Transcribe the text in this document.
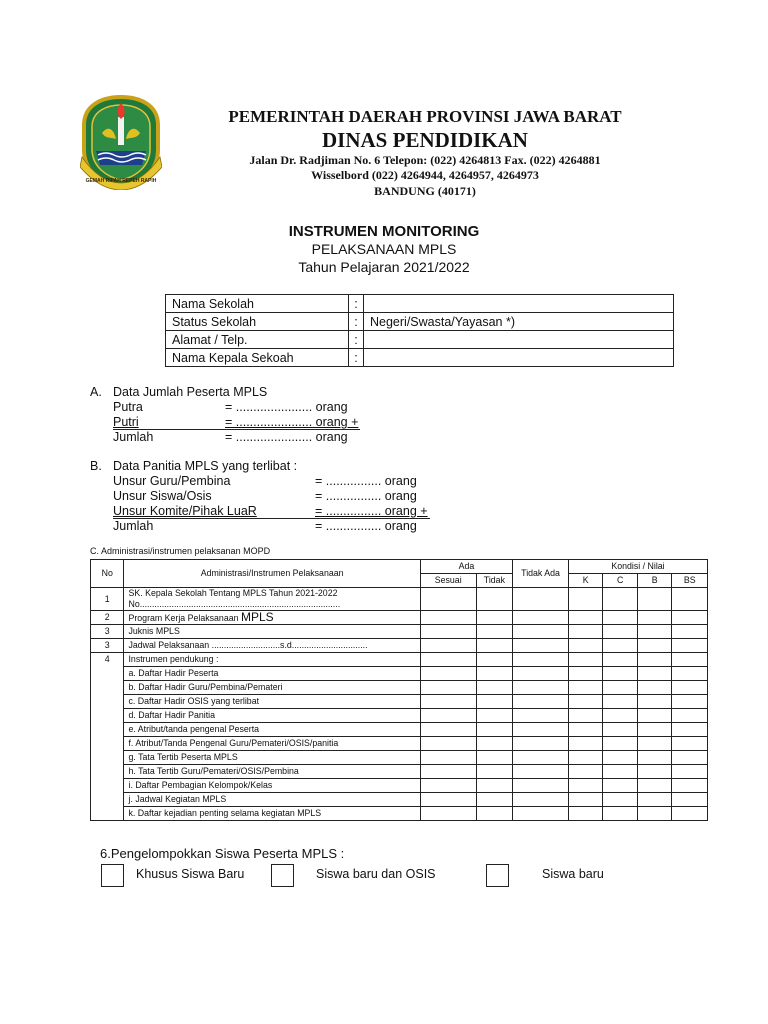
GEMAH RIPAH REPEH RAPIH
PEMERINTAH DAERAH PROVINSI JAWA BARAT
DINAS PENDIDIKAN
Jalan Dr. Radjiman No. 6 Telepon: (022) 4264813 Fax. (022) 4264881
Wisselbord (022) 4264944, 4264957, 4264973
BANDUNG (40171)
INSTRUMEN MONITORING
PELAKSANAAN MPLS
Tahun Pelajaran 2021/2022
Nama Sekolah	:	
Status Sekolah	:	Negeri/Swasta/Yayasan *)
Alamat / Telp.	:	
Nama Kepala Sekoah	:	
A. Data Jumlah Peserta MPLS
Putra	= ...................... orang
Putri	= ...................... orang +
Jumlah	= ...................... orang
B. Data Panitia MPLS yang terlibat :
Unsur Guru/Pembina	= ................ orang
Unsur Siswa/Osis	= ................ orang
Unsur Komite/Pihak LuaR	= ................ orang +
Jumlah	= ................ orang
C. Administrasi/instrumen pelaksanan MOPD
No	Administrasi/Instrumen Pelaksanaan	Ada		Tidak Ada	Kondisi / Nilai			
		Sesuai	Tidak		K	C	B	BS
1	SK. Kepala Sekolah Tentang MPLS Tahun 2021-2022
No..................................................................................							
2	Program Kerja Pelaksanaan MPLS							
3	Juknis MPLS							
3	Jadwal Pelaksanaan ............................s.d...............................							
4	Instrumen pendukung :							
	a. Daftar Hadir Peserta							
	b. Daftar Hadir Guru/Pembina/Pemateri							
	c. Daftar Hadir OSIS yang terlibat							
	d. Daftar Hadir Panitia							
	e. Atribut/tanda pengenal Peserta							
	f. Atribut/Tanda Pengenal Guru/Pemateri/OSIS/panitia							
	g. Tata Tertib Peserta MPLS							
	h. Tata Tertib Guru/Pemateri/OSIS/Pembina							
	i. Daftar Pembagian Kelompok/Kelas							
	j. Jadwal Kegiatan MPLS							
	k. Daftar kejadian penting selama kegiatan MPLS							
6.Pengelompokkan Siswa Peserta MPLS :
Khusus Siswa Baru	Siswa baru dan OSIS	Siswa baru
